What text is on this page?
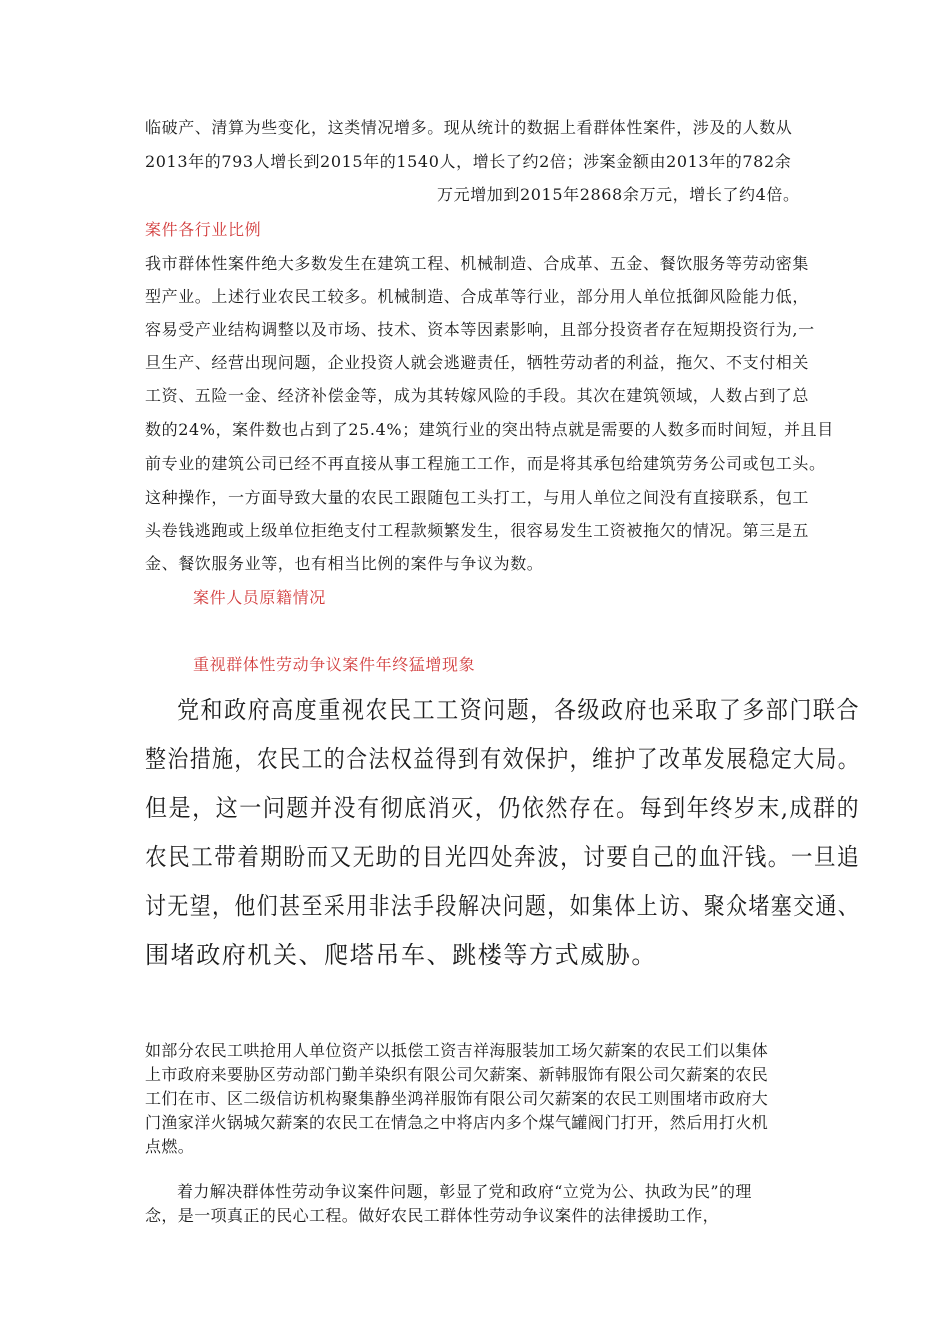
临破产、清算为些变化，这类情况增多。现从统计的数据上看群体性案件，涉及的人数从
2013年的793人增长到2015年的1540人，增长了约2倍；涉案金额由2013年的782余
万元增加到2015年2868余万元，增长了约4倍。
案件各行业比例
我市群体性案件绝大多数发生在建筑工程、机械制造、合成革、五金、餐饮服务等劳动密集
型产业。上述行业农民工较多。机械制造、合成革等行业，部分用人单位抵御风险能力低，
容易受产业结构调整以及市场、技术、资本等因素影响，且部分投资者存在短期投资行为,一
旦生产、经营出现问题，企业投资人就会逃避责任，牺牲劳动者的利益，拖欠、不支付相关
工资、五险一金、经济补偿金等，成为其转嫁风险的手段。其次在建筑领域，人数占到了总
数的24%，案件数也占到了25.4%；建筑行业的突出特点就是需要的人数多而时间短，并且目
前专业的建筑公司已经不再直接从事工程施工工作，而是将其承包给建筑劳务公司或包工头。
这种操作，一方面导致大量的农民工跟随包工头打工，与用人单位之间没有直接联系，包工
头卷钱逃跑或上级单位拒绝支付工程款频繁发生，很容易发生工资被拖欠的情况。第三是五
金、餐饮服务业等，也有相当比例的案件与争议为数。
案件人员原籍情况
重视群体性劳动争议案件年终猛增现象
党和政府高度重视农民工工资问题，各级政府也采取了多部门联合
整治措施，农民工的合法权益得到有效保护，维护了改革发展稳定大局。
但是，这一问题并没有彻底消灭，仍依然存在。每到年终岁末,成群的
农民工带着期盼而又无助的目光四处奔波，讨要自己的血汗钱。一旦追
讨无望，他们甚至采用非法手段解决问题，如集体上访、聚众堵塞交通、
围堵政府机关、爬塔吊车、跳楼等方式威胁。
如部分农民工哄抢用人单位资产以抵偿工资吉祥海服装加工场欠薪案的农民工们以集体
上市政府来要胁区劳动部门勤羊染织有限公司欠薪案、新韩服饰有限公司欠薪案的农民
工们在市、区二级信访机构聚集静坐鸿祥服饰有限公司欠薪案的农民工则围堵市政府大
门渔家洋火锅城欠薪案的农民工在情急之中将店内多个煤气罐阀门打开，然后用打火机
点燃。
着力解决群体性劳动争议案件问题，彰显了党和政府“立党为公、执政为民”的理
念，是一项真正的民心工程。做好农民工群体性劳动争议案件的法律援助工作，
